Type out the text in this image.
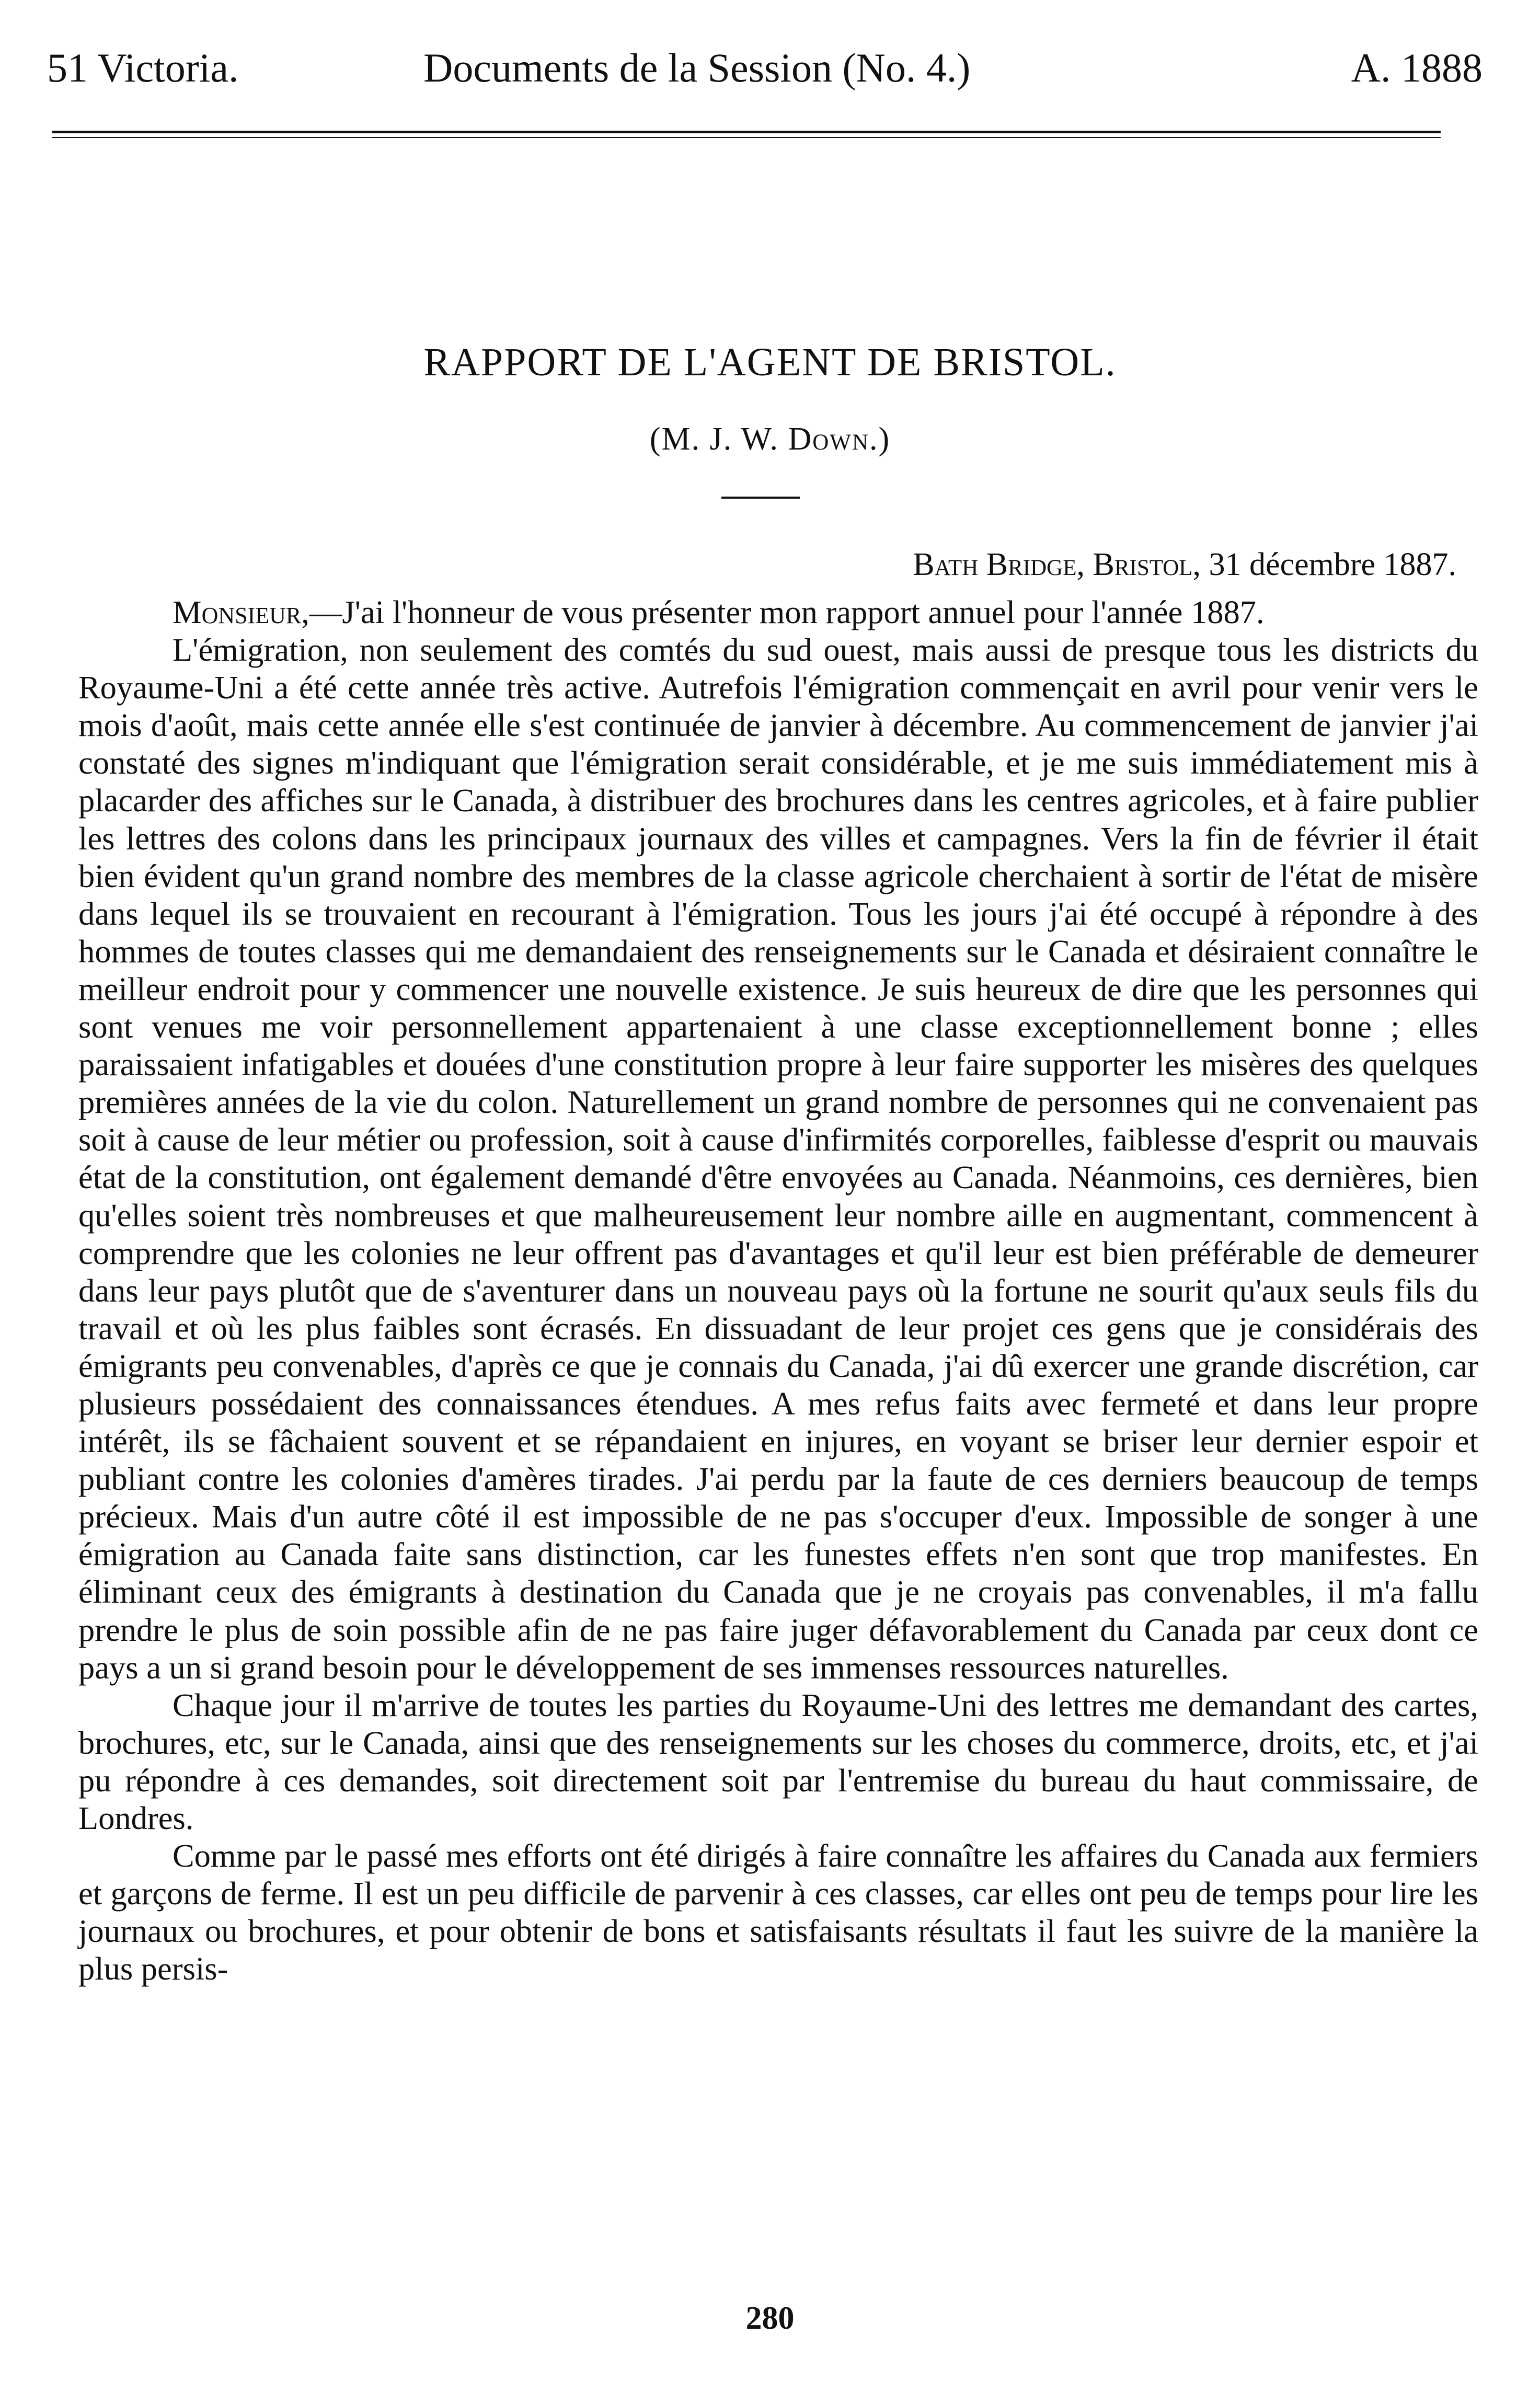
51 Victoria.	Documents de la Session (No. 4.)	A. 1888
RAPPORT DE L'AGENT DE BRISTOL.
(M. J. W. Down.)
Bath Bridge, Bristol, 31 décembre 1887.

Monsieur,—J'ai l'honneur de vous présenter mon rapport annuel pour l'année 1887.

L'émigration, non seulement des comtés du sud ouest, mais aussi de presque tous les districts du Royaume-Uni a été cette année très active. Autrefois l'émigration commençait en avril pour venir vers le mois d'août, mais cette année elle s'est continuée de janvier à décembre. Au commencement de janvier j'ai constaté des signes m'indiquant que l'émigration serait considérable, et je me suis immédiatement mis à placarder des affiches sur le Canada, à distribuer des brochures dans les centres agricoles, et à faire publier les lettres des colons dans les principaux journaux des villes et campagnes. Vers la fin de février il était bien évident qu'un grand nombre des membres de la classe agricole cherchaient à sortir de l'état de misère dans lequel ils se trouvaient en recourant à l'émigration. Tous les jours j'ai été occupé à répondre à des hommes de toutes classes qui me demandaient des renseignements sur le Canada et désiraient connaître le meilleur endroit pour y commencer une nouvelle existence. Je suis heureux de dire que les personnes qui sont venues me voir personnellement appartenaient à une classe exceptionnellement bonne ; elles paraissaient infatigables et douées d'une constitution propre à leur faire supporter les misères des quelques premières années de la vie du colon. Naturellement un grand nombre de personnes qui ne convenaient pas soit à cause de leur métier ou profession, soit à cause d'infirmités corporelles, faiblesse d'esprit ou mauvais état de la constitution, ont également demandé d'être envoyées au Canada. Néanmoins, ces dernières, bien qu'elles soient très nombreuses et que malheureusement leur nombre aille en augmentant, commencent à comprendre que les colonies ne leur offrent pas d'avantages et qu'il leur est bien préférable de demeurer dans leur pays plutôt que de s'aventurer dans un nouveau pays où la fortune ne sourit qu'aux seuls fils du travail et où les plus faibles sont écrasés. En dissuadant de leur projet ces gens que je considérais des émigrants peu convenables, d'après ce que je connais du Canada, j'ai dû exercer une grande discrétion, car plusieurs possédaient des connaissances étendues. A mes refus faits avec fermeté et dans leur propre intérêt, ils se fâchaient souvent et se répandaient en injures, en voyant se briser leur dernier espoir et publiant contre les colonies d'amères tirades. J'ai perdu par la faute de ces derniers beaucoup de temps précieux. Mais d'un autre côté il est impossible de ne pas s'occuper d'eux. Impossible de songer à une émigration au Canada faite sans distinction, car les funestes effets n'en sont que trop manifestes. En éliminant ceux des émigrants à destination du Canada que je ne croyais pas convenables, il m'a fallu prendre le plus de soin possible afin de ne pas faire juger défavorablement du Canada par ceux dont ce pays a un si grand besoin pour le développement de ses immenses ressources naturelles.

Chaque jour il m'arrive de toutes les parties du Royaume-Uni des lettres me demandant des cartes, brochures, etc, sur le Canada, ainsi que des renseignements sur les choses du commerce, droits, etc, et j'ai pu répondre à ces demandes, soit directement soit par l'entremise du bureau du haut commissaire, de Londres.

Comme par le passé mes efforts ont été dirigés à faire connaître les affaires du Canada aux fermiers et garçons de ferme. Il est un peu difficile de parvenir à ces classes, car elles ont peu de temps pour lire les journaux ou brochures, et pour obtenir de bons et satisfaisants résultats il faut les suivre de la manière la plus persis-

280
